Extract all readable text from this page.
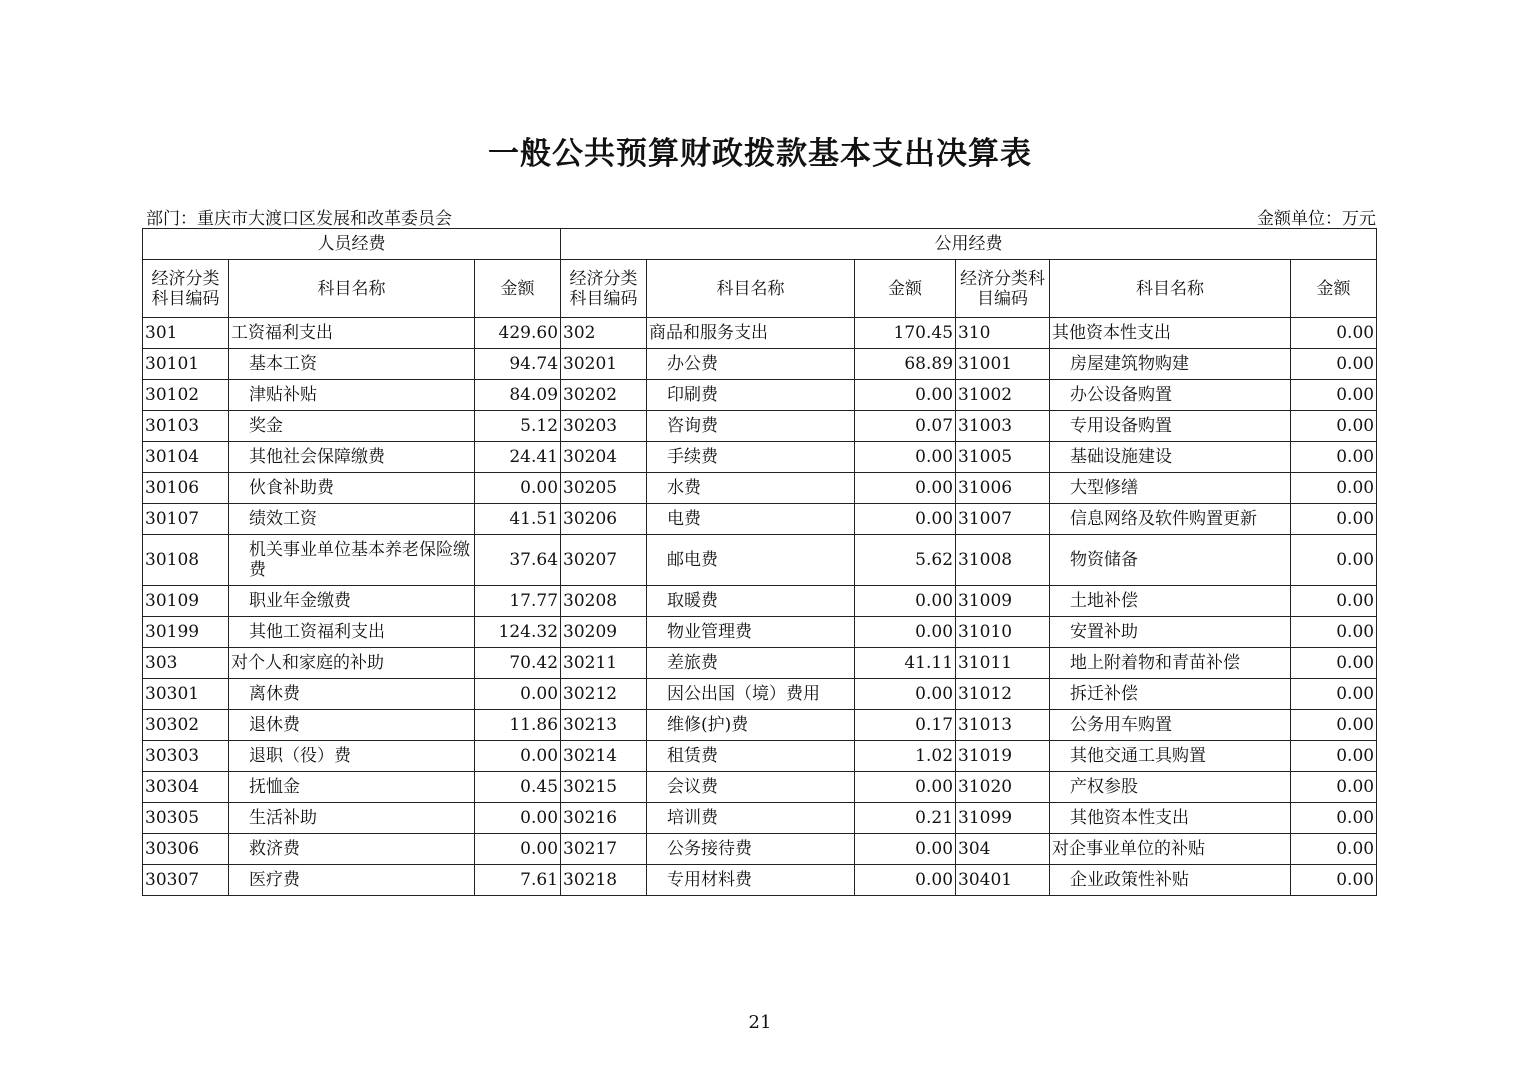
一般公共预算财政拨款基本支出决算表
部门：重庆市大渡口区发展和改革委员会	金额单位：万元
人员经费			公用经费					
经济分类科目编码	科目名称	金额	经济分类科目编码	科目名称	金额	经济分类科目编码	科目名称	金额
301	工资福利支出	429.60	302	商品和服务支出	170.45	310	其他资本性支出	0.00
30101	基本工资	94.74	30201	办公费	68.89	31001	房屋建筑物购建	0.00
30102	津贴补贴	84.09	30202	印刷费	0.00	31002	办公设备购置	0.00
30103	奖金	5.12	30203	咨询费	0.07	31003	专用设备购置	0.00
30104	其他社会保障缴费	24.41	30204	手续费	0.00	31005	基础设施建设	0.00
30106	伙食补助费	0.00	30205	水费	0.00	31006	大型修缮	0.00
30107	绩效工资	41.51	30206	电费	0.00	31007	信息网络及软件购置更新	0.00
30108	机关事业单位基本养老保险缴费	37.64	30207	邮电费	5.62	31008	物资储备	0.00
30109	职业年金缴费	17.77	30208	取暖费	0.00	31009	土地补偿	0.00
30199	其他工资福利支出	124.32	30209	物业管理费	0.00	31010	安置补助	0.00
303	对个人和家庭的补助	70.42	30211	差旅费	41.11	31011	地上附着物和青苗补偿	0.00
30301	离休费	0.00	30212	因公出国（境）费用	0.00	31012	拆迁补偿	0.00
30302	退休费	11.86	30213	维修(护)费	0.17	31013	公务用车购置	0.00
30303	退职（役）费	0.00	30214	租赁费	1.02	31019	其他交通工具购置	0.00
30304	抚恤金	0.45	30215	会议费	0.00	31020	产权参股	0.00
30305	生活补助	0.00	30216	培训费	0.21	31099	其他资本性支出	0.00
30306	救济费	0.00	30217	公务接待费	0.00	304	对企事业单位的补贴	0.00
30307	医疗费	7.61	30218	专用材料费	0.00	30401	企业政策性补贴	0.00
21
